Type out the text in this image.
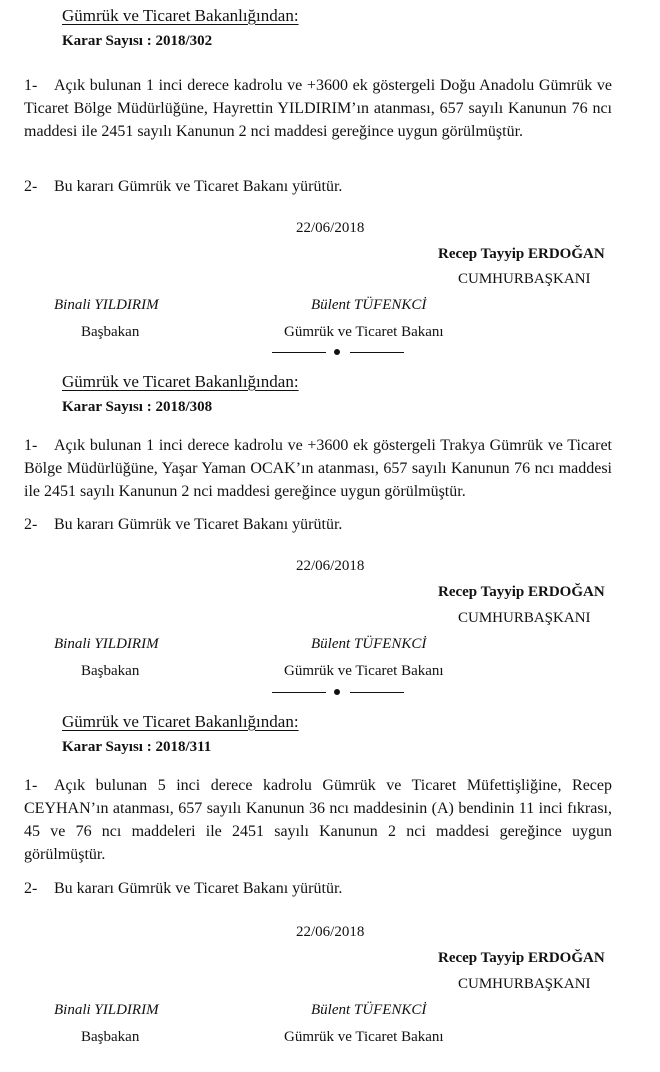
Gümrük ve Ticaret Bakanlığından:
Karar Sayısı : 2018/302
1- Açık bulunan 1 inci derece kadrolu ve +3600 ek göstergeli Doğu Anadolu Gümrük ve Ticaret Bölge Müdürlüğüne, Hayrettin YILDIRIM’ın atanması, 657 sayılı Kanunun 76 ncı maddesi ile 2451 sayılı Kanunun 2 nci maddesi gereğince uygun görülmüştür.
2- Bu kararı Gümrük ve Ticaret Bakanı yürütür.
22/06/2018
Recep Tayyip ERDOĞAN
CUMHURBAŞKANI
Binali YILDIRIM	Bülent TÜFENKCİ
Başbakan	Gümrük ve Ticaret Bakanı
Gümrük ve Ticaret Bakanlığından:
Karar Sayısı : 2018/308
1- Açık bulunan 1 inci derece kadrolu ve +3600 ek göstergeli Trakya Gümrük ve Ticaret Bölge Müdürlüğüne, Yaşar Yaman OCAK’ın atanması, 657 sayılı Kanunun 76 ncı maddesi ile 2451 sayılı Kanunun 2 nci maddesi gereğince uygun görülmüştür.
2- Bu kararı Gümrük ve Ticaret Bakanı yürütür.
22/06/2018
Recep Tayyip ERDOĞAN
CUMHURBAŞKANI
Binali YILDIRIM	Bülent TÜFENKCİ
Başbakan	Gümrük ve Ticaret Bakanı
Gümrük ve Ticaret Bakanlığından:
Karar Sayısı : 2018/311
1- Açık bulunan 5 inci derece kadrolu Gümrük ve Ticaret Müfettişliğine, Recep CEYHAN’ın atanması, 657 sayılı Kanunun 36 ncı maddesinin (A) bendinin 11 inci fıkrası, 45 ve 76 ncı maddeleri ile 2451 sayılı Kanunun 2 nci maddesi gereğince uygun görülmüştür.
2- Bu kararı Gümrük ve Ticaret Bakanı yürütür.
22/06/2018
Recep Tayyip ERDOĞAN
CUMHURBAŞKANI
Binali YILDIRIM	Bülent TÜFENKCİ
Başbakan	Gümrük ve Ticaret Bakanı
